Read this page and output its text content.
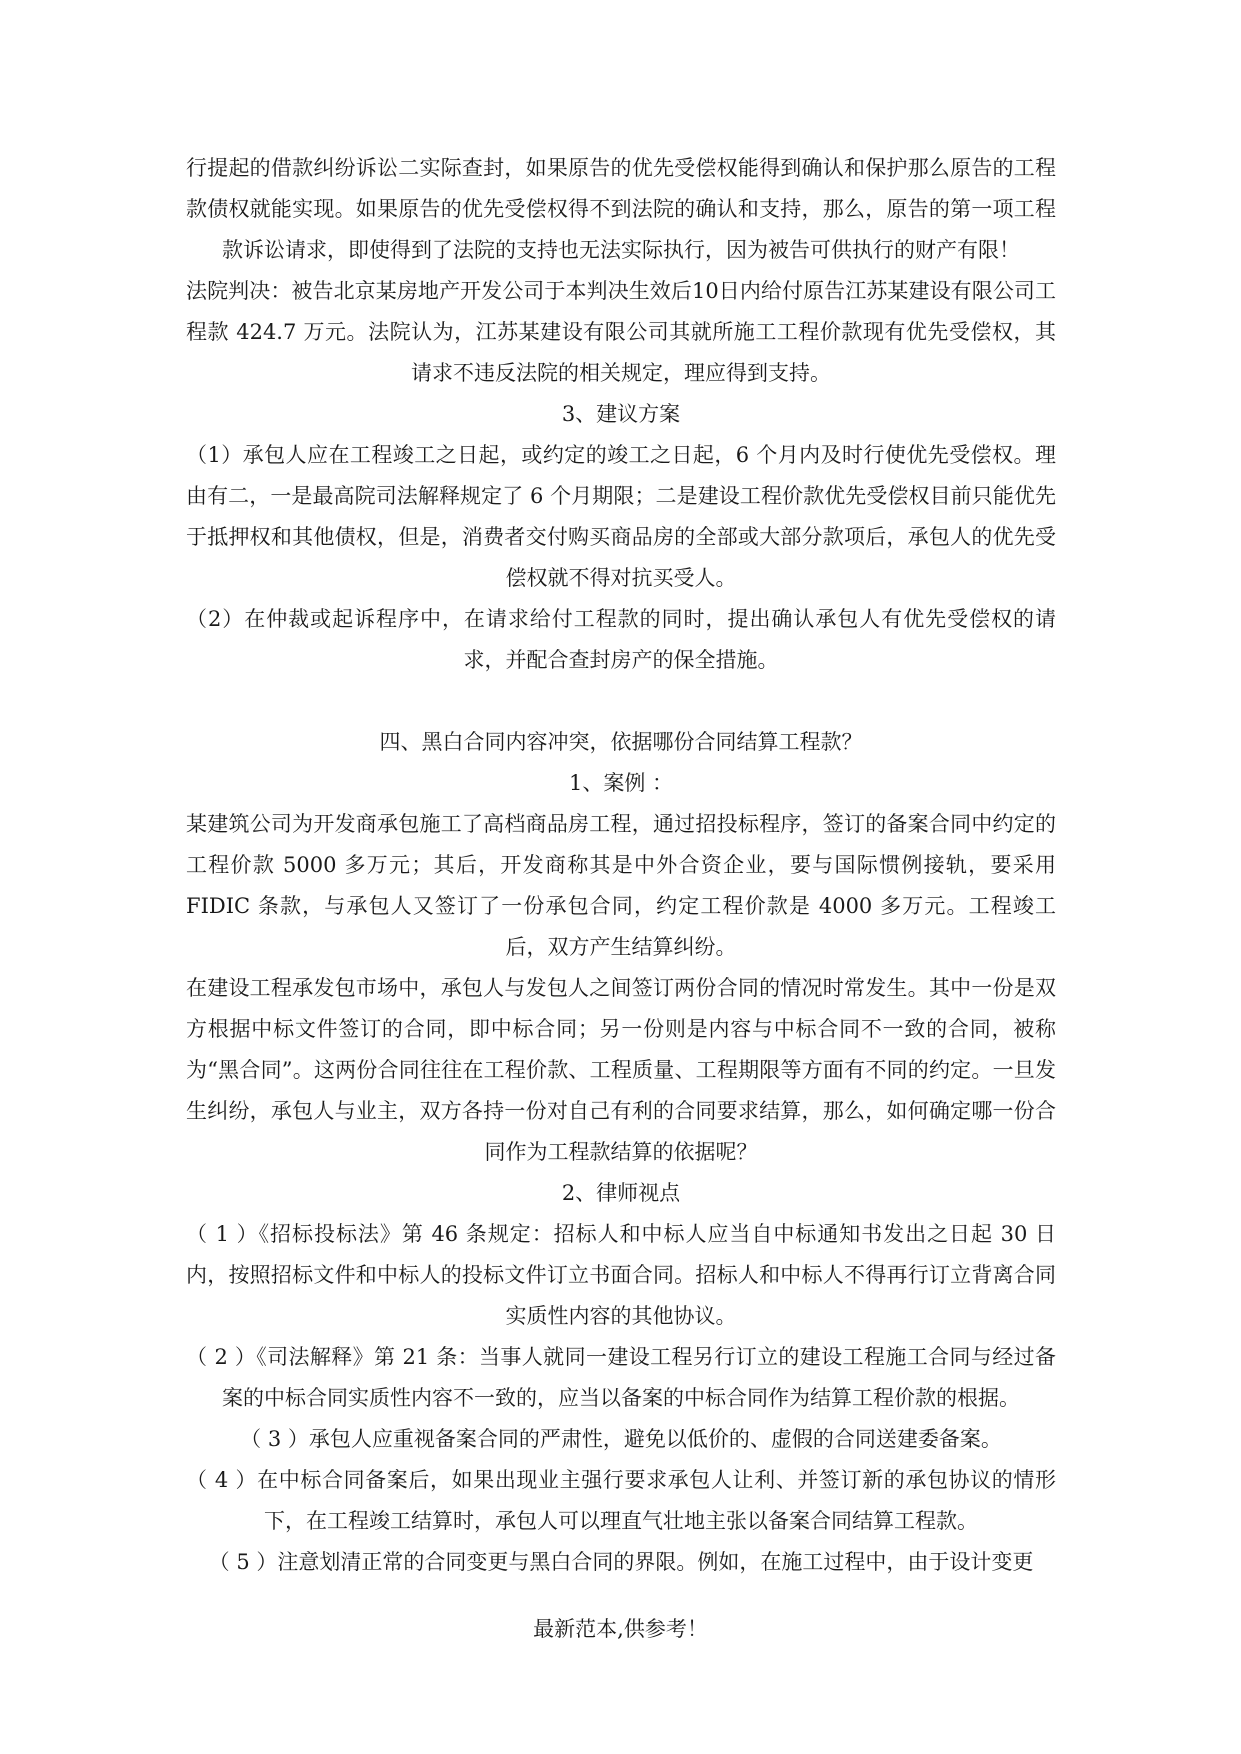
行提起的借款纠纷诉讼二实际查封，如果原告的优先受偿权能得到确认和保护那么原告的工程款债权就能实现。如果原告的优先受偿权得不到法院的确认和支持，那么，原告的第一项工程款诉讼请求，即使得到了法院的支持也无法实际执行，因为被告可供执行的财产有限！

法院判决：被告北京某房地产开发公司于本判决生效后10日内给付原告江苏某建设有限公司工程款 424.7 万元。法院认为，江苏某建设有限公司其就所施工工程价款现有优先受偿权，其请求不违反法院的相关规定，理应得到支持。

3、建议方案

（1）承包人应在工程竣工之日起，或约定的竣工之日起，6 个月内及时行使优先受偿权。理由有二，一是最高院司法解释规定了 6 个月期限；二是建设工程价款优先受偿权目前只能优先于抵押权和其他债权，但是，消费者交付购买商品房的全部或大部分款项后，承包人的优先受偿权就不得对抗买受人。

（2）在仲裁或起诉程序中，在请求给付工程款的同时，提出确认承包人有优先受偿权的请求，并配合查封房产的保全措施。

四、黑白合同内容冲突，依据哪份合同结算工程款？

1、案例 ：

某建筑公司为开发商承包施工了高档商品房工程，通过招投标程序，签订的备案合同中约定的工程价款 5000 多万元；其后，开发商称其是中外合资企业，要与国际惯例接轨，要采用 FIDIC 条款，与承包人又签订了一份承包合同，约定工程价款是 4000 多万元。工程竣工后，双方产生结算纠纷。

在建设工程承发包市场中，承包人与发包人之间签订两份合同的情况时常发生。其中一份是双方根据中标文件签订的合同，即中标合同；另一份则是内容与中标合同不一致的合同，被称为“黑合同”。这两份合同往往在工程价款、工程质量、工程期限等方面有不同的约定。一旦发生纠纷，承包人与业主，双方各持一份对自己有利的合同要求结算，那么，如何确定哪一份合同作为工程款结算的依据呢？

2、律师视点

（ 1 ）《招标投标法》第 46 条规定：招标人和中标人应当自中标通知书发出之日起 30 日内，按照招标文件和中标人的投标文件订立书面合同。招标人和中标人不得再行订立背离合同实质性内容的其他协议。

（ 2 ）《司法解释》第 21 条：当事人就同一建设工程另行订立的建设工程施工合同与经过备案的中标合同实质性内容不一致的，应当以备案的中标合同作为结算工程价款的根据。

（ 3 ）承包人应重视备案合同的严肃性，避免以低价的、虚假的合同送建委备案。

（ 4 ）在中标合同备案后，如果出现业主强行要求承包人让利、并签订新的承包协议的情形下，在工程竣工结算时，承包人可以理直气壮地主张以备案合同结算工程款。

（ 5 ）注意划清正常的合同变更与黑白合同的界限。例如，在施工过程中，由于设计变更

最新范本,供参考！
